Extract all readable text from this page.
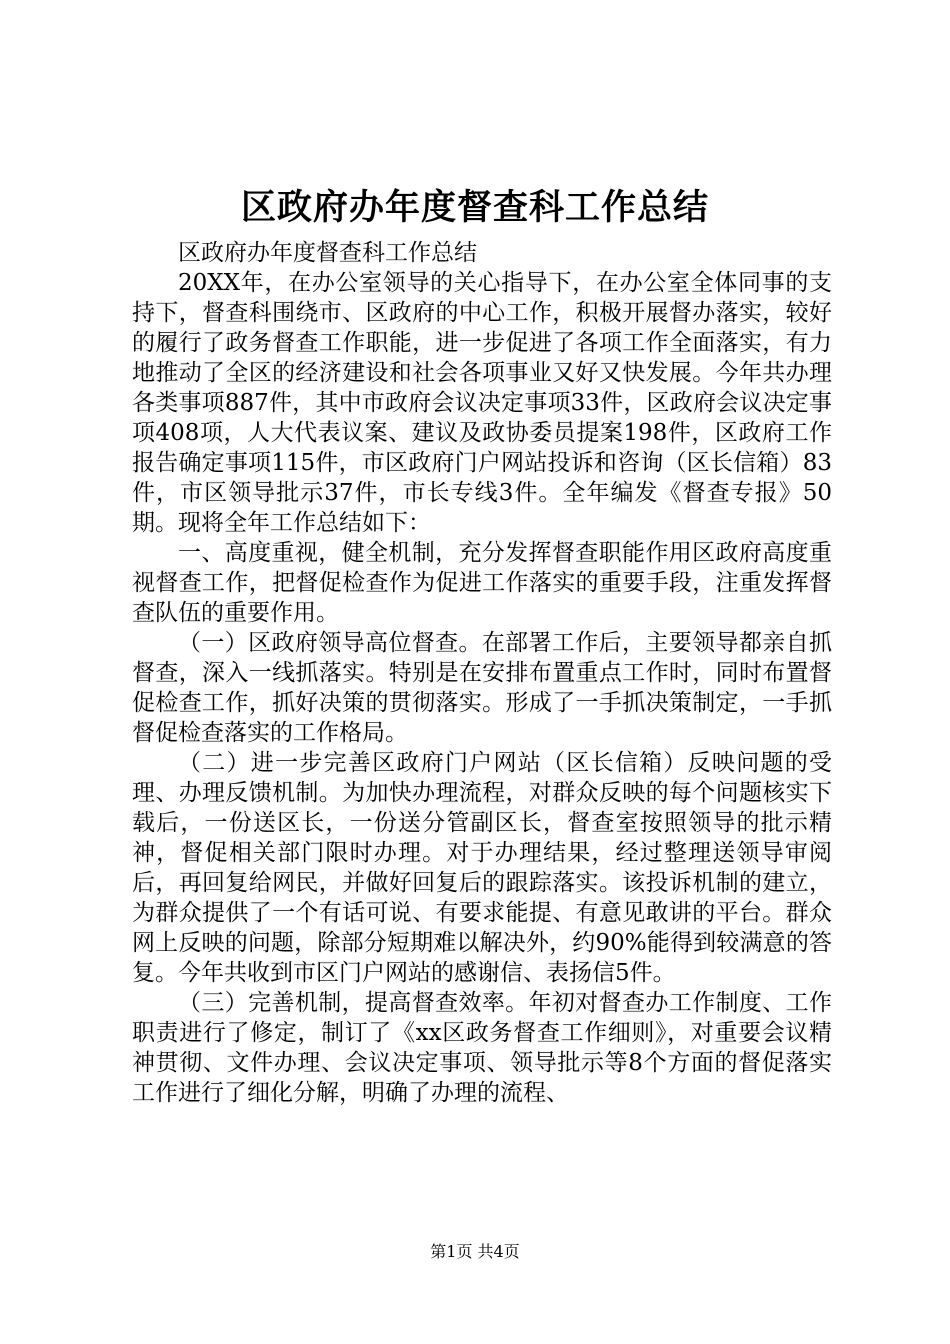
区政府办年度督查科工作总结

区政府办年度督查科工作总结

20XX年，在办公室领导的关心指导下，在办公室全体同事的支持下，督查科围绕市、区政府的中心工作，积极开展督办落实，较好的履行了政务督查工作职能，进一步促进了各项工作全面落实，有力地推动了全区的经济建设和社会各项事业又好又快发展。今年共办理各类事项887件，其中市政府会议决定事项33件，区政府会议决定事项408项，人大代表议案、建议及政协委员提案198件，区政府工作报告确定事项115件，市区政府门户网站投诉和咨询（区长信箱）83件，市区领导批示37件，市长专线3件。全年编发《督查专报》50期。现将全年工作总结如下：

一、高度重视，健全机制，充分发挥督查职能作用区政府高度重视督查工作，把督促检查作为促进工作落实的重要手段，注重发挥督查队伍的重要作用。

（一）区政府领导高位督查。在部署工作后，主要领导都亲自抓督查，深入一线抓落实。特别是在安排布置重点工作时，同时布置督促检查工作，抓好决策的贯彻落实。形成了一手抓决策制定，一手抓督促检查落实的工作格局。

（二）进一步完善区政府门户网站（区长信箱）反映问题的受理、办理反馈机制。为加快办理流程，对群众反映的每个问题核实下载后，一份送区长，一份送分管副区长，督查室按照领导的批示精神，督促相关部门限时办理。对于办理结果，经过整理送领导审阅后，再回复给网民，并做好回复后的跟踪落实。该投诉机制的建立，为群众提供了一个有话可说、有要求能提、有意见敢讲的平台。群众网上反映的问题，除部分短期难以解决外，约90%能得到较满意的答复。今年共收到市区门户网站的感谢信、表扬信5件。

（三）完善机制，提高督查效率。年初对督查办工作制度、工作职责进行了修定，制订了《xx区政务督查工作细则》，对重要会议精神贯彻、文件办理、会议决定事项、领导批示等8个方面的督促落实工作进行了细化分解，明确了办理的流程、

第1页 共4页
